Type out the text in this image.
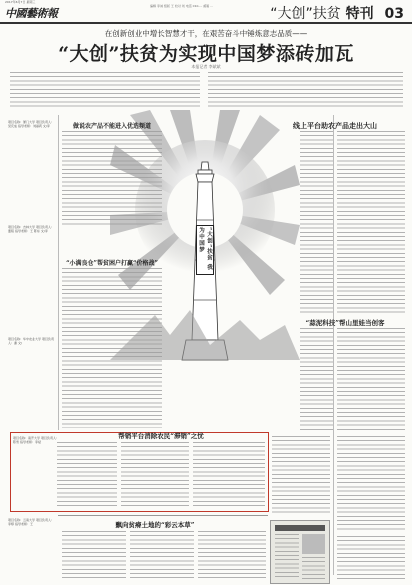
2017年6月7日 星期三
中國藝術報
编辑 李诚 组版 王 校对 刘 电话 010-... 邮箱 ...	“大创”扶贫 特刊 03
在创新创业中增长智慧才干，在艰苦奋斗中锤炼意志品质——
“大创”扶贫为实现中国梦添砖加瓦
本报记者 李斌斌
“大创”扶贫 我为中国梦
项目名称：厦门大学 项目负责人：吴庆成 指导老师：刘丽莉 文/李
项目名称：吉林大学 项目负责人：董程 指导老师：王 陈东 文/李
项目名称：华中农业大学 项目负责人：谢 文/
项目名称：南开大学 项目负责人：陈雪 指导老师：李斌
项目名称：云南大学 项目负责人：李婷 指导老师：王
做说农产品不能进入优选频道	线上平台助农产品走出大山
“小满良仓”帮贫困户打赢“价格战”
“蒜泥科技”帮山里娃当创客
帮销平台消除农民“滞销”之忧
飘向贫瘠土地的“彩云本草”
